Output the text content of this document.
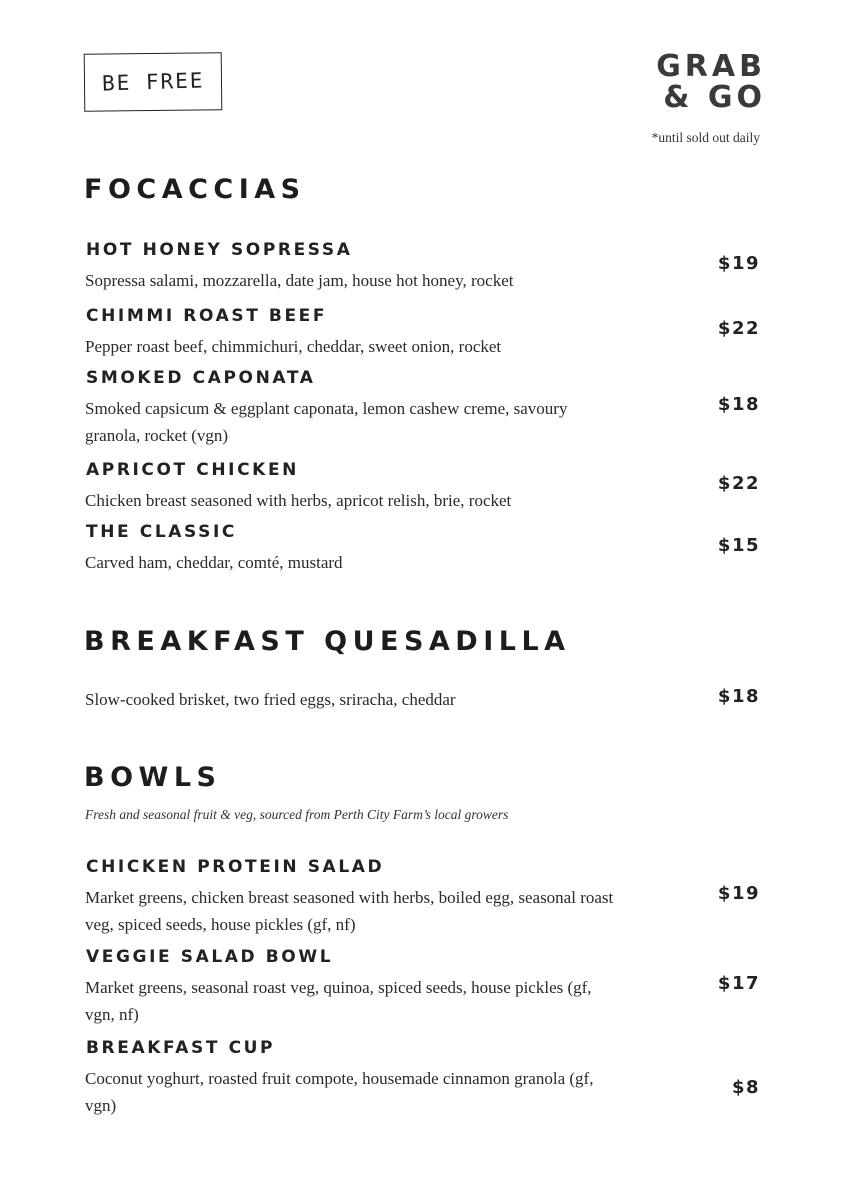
BE FREE	GRAB
& GO
*until sold out daily
FOCACCIAS
HOT HONEY SOPRESSA
Sopressa salami, mozzarella, date jam, house hot honey, rocket
$19
CHIMMI ROAST BEEF
Pepper roast beef, chimmichuri, cheddar, sweet onion, rocket
$22
SMOKED CAPONATA
Smoked capsicum & eggplant caponata, lemon cashew creme, savoury granola, rocket (vgn)
$18
APRICOT CHICKEN
Chicken breast seasoned with herbs, apricot relish, brie, rocket
$22
THE CLASSIC
Carved ham, cheddar, comté, mustard
$15
BREAKFAST QUESADILLA
Slow-cooked brisket, two fried eggs, sriracha, cheddar	$18
BOWLS
Fresh and seasonal fruit & veg, sourced from Perth City Farm’s local growers
CHICKEN PROTEIN SALAD
Market greens, chicken breast seasoned with herbs, boiled egg, seasonal roast veg, spiced seeds, house pickles (gf, nf)
$19
VEGGIE SALAD BOWL
Market greens, seasonal roast veg, quinoa, spiced seeds, house pickles (gf, vgn, nf)
$17
BREAKFAST CUP
Coconut yoghurt, roasted fruit compote, housemade cinnamon granola (gf, vgn)
$8
